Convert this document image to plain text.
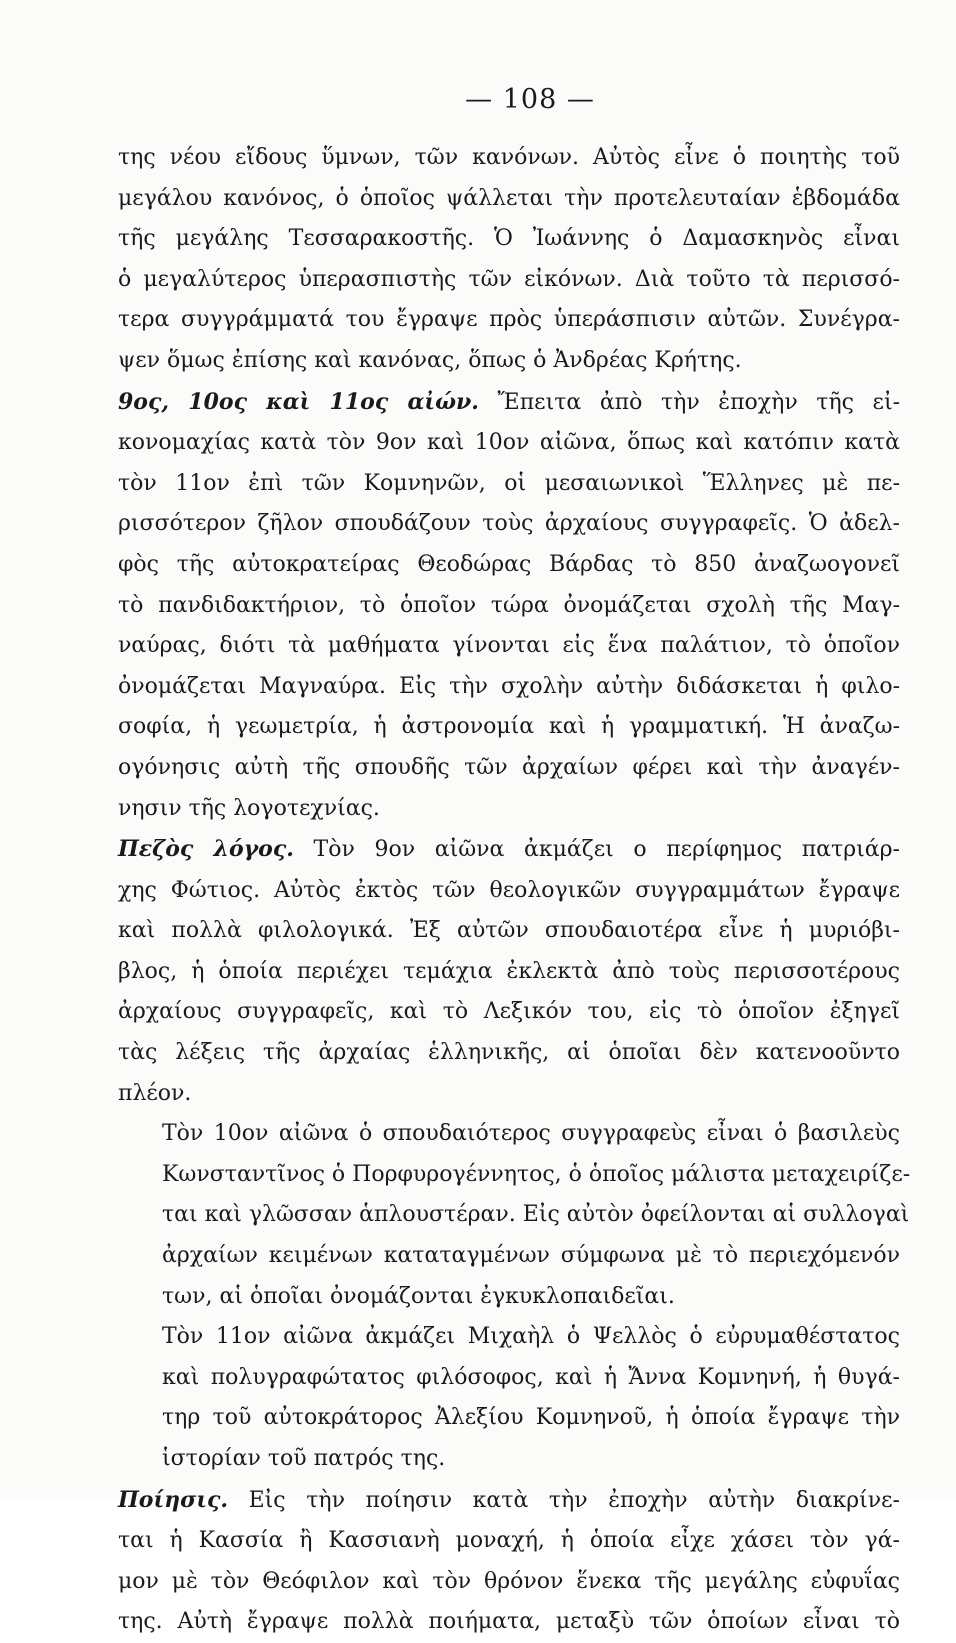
— 108 —

της νέου εἴδους ὕμνων, τῶν κανόνων. Αὐτὸς εἶνε ὁ ποιητὴς τοῦ
μεγάλου κανόνος, ὁ ὁποῖος ψάλλεται τὴν προτελευταίαν ἑβδομάδα
τῆς μεγάλης Τεσσαρακοστῆς. Ὁ Ἰωάννης ὁ Δαμασκηνὸς εἶναι
ὁ μεγαλύτερος ὑπερασπιστὴς τῶν εἰκόνων. Διὰ τοῦτο τὰ περισσό-
τερα συγγράμματά του ἔγραψε πρὸς ὑπεράσπισιν αὐτῶν. Συνέγρα-
ψεν ὅμως ἐπίσης καὶ κανόνας, ὅπως ὁ Ἀνδρέας Κρήτης.

9ος, 10ος καὶ 11ος αἰών. Ἔπειτα ἀπὸ τὴν ἐποχὴν τῆς εἰ-
κονομαχίας κατὰ τὸν 9ον καὶ 10ον αἰῶνα, ὅπως καὶ κατόπιν κατὰ
τὸν 11ον ἐπὶ τῶν Κομνηνῶν, οἱ μεσαιωνικοὶ Ἕλληνες μὲ πε-
ρισσότερον ζῆλον σπουδάζουν τοὺς ἀρχαίους συγγραφεῖς. Ὁ ἀδελ-
φὸς τῆς αὐτοκρατείρας Θεοδώρας Βάρδας τὸ 850 ἀναζωογονεῖ
τὸ πανδιδακτήριον, τὸ ὁποῖον τώρα ὀνομάζεται σχολὴ τῆς Μαγ-
ναύρας, διότι τὰ μαθήματα γίνονται εἰς ἕνα παλάτιον, τὸ ὁποῖον
ὀνομάζεται Μαγναύρα. Εἰς τὴν σχολὴν αὐτὴν διδάσκεται ἡ φιλο-
σοφία, ἡ γεωμετρία, ἡ ἀστρονομία καὶ ἡ γραμματική. Ἡ ἀναζω-
ογόνησις αὐτὴ τῆς σπουδῆς τῶν ἀρχαίων φέρει καὶ τὴν ἀναγέν-
νησιν τῆς λογοτεχνίας.

Πεζὸς λόγος. Τὸν 9ον αἰῶνα ἀκμάζει ο περίφημος πατριάρ-
χης Φώτιος. Αὐτὸς ἐκτὸς τῶν θεολογικῶν συγγραμμάτων ἔγραψε
καὶ πολλὰ φιλολογικά. Ἐξ αὐτῶν σπουδαιοτέρα εἶνε ἡ μυριόβι-
βλος, ἡ ὁποία περιέχει τεμάχια ἐκλεκτὰ ἀπὸ τοὺς περισσοτέρους
ἀρχαίους συγγραφεῖς, καὶ τὸ Λεξικόν του, εἰς τὸ ὁποῖον ἐξηγεῖ
τὰς λέξεις τῆς ἀρχαίας ἑλληνικῆς, αἱ ὁποῖαι δὲν κατενοοῦντο
πλέον.

Τὸν 10ον αἰῶνα ὁ σπουδαιότερος συγγραφεὺς εἶναι ὁ βασιλεὺς
Κωνσταντῖνος ὁ Πορφυρογέννητος, ὁ ὁποῖος μάλιστα μεταχειρίζε-
ται καὶ γλῶσσαν ἁπλουστέραν. Εἰς αὐτὸν ὀφείλονται αἱ συλλογαὶ
ἀρχαίων κειμένων καταταγμένων σύμφωνα μὲ τὸ περιεχόμενόν
των, αἱ ὁποῖαι ὀνομάζονται ἐγκυκλοπαιδεῖαι.

Τὸν 11ον αἰῶνα ἀκμάζει Μιχαὴλ ὁ Ψελλὸς ὁ εὐρυμαθέστατος
καὶ πολυγραφώτατος φιλόσοφος, καὶ ἡ Ἄννα Κομνηνή, ἡ θυγά-
τηρ τοῦ αὐτοκράτορος Ἀλεξίου Κομνηνοῦ, ἡ ὁποία ἔγραψε τὴν
ἱστορίαν τοῦ πατρός της.

Ποίησις. Εἰς τὴν ποίησιν κατὰ τὴν ἐποχὴν αὐτὴν διακρίνε-
ται ἡ Κασσία ἢ Κασσιανὴ μοναχή, ἡ ὁποία εἶχε χάσει τὸν γά-
μον μὲ τὸν Θεόφιλον καὶ τὸν θρόνον ἕνεκα τῆς μεγάλης εὐφυΐας
της. Αὐτὴ ἔγραψε πολλὰ ποιήματα, μεταξὺ τῶν ὁποίων εἶναι τὸ
